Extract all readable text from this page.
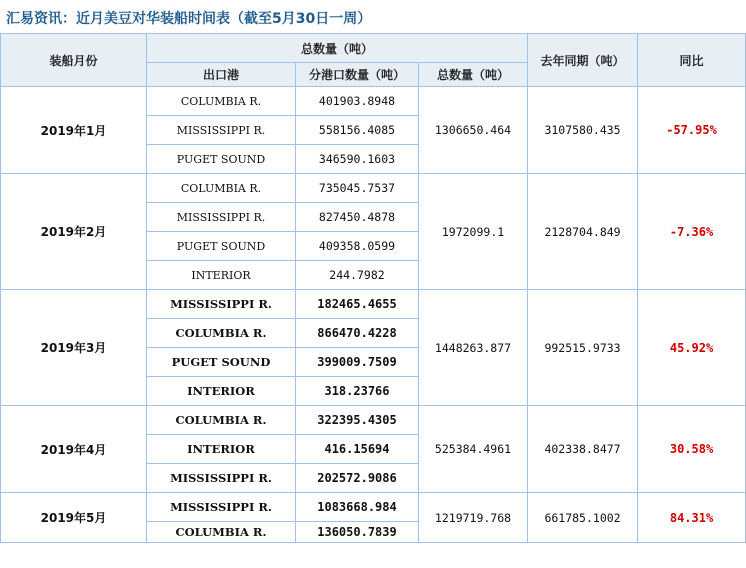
汇易资讯：近月美豆对华装船时间表（截至5月30日一周）
装船月份	总数量（吨）			去年同期（吨）	同比
	出口港	分港口数量（吨）	总数量（吨）		
2019年1月	COLUMBIA R.	401903.8948	1306650.464	3107580.435	-57.95%
	MISSISSIPPI R.	558156.4085			
	PUGET SOUND	346590.1603			
2019年2月	COLUMBIA R.	735045.7537	1972099.1	2128704.849	-7.36%
	MISSISSIPPI R.	827450.4878			
	PUGET SOUND	409358.0599			
	INTERIOR	244.7982			
2019年3月	MISSISSIPPI R.	182465.4655	1448263.877	992515.9733	45.92%
	COLUMBIA R.	866470.4228			
	PUGET SOUND	399009.7509			
	INTERIOR	318.23766			
2019年4月	COLUMBIA R.	322395.4305	525384.4961	402338.8477	30.58%
	INTERIOR	416.15694			
	MISSISSIPPI R.	202572.9086			
2019年5月	MISSISSIPPI R.	1083668.984	1219719.768	661785.1002	84.31%
	COLUMBIA R.	136050.7839			
